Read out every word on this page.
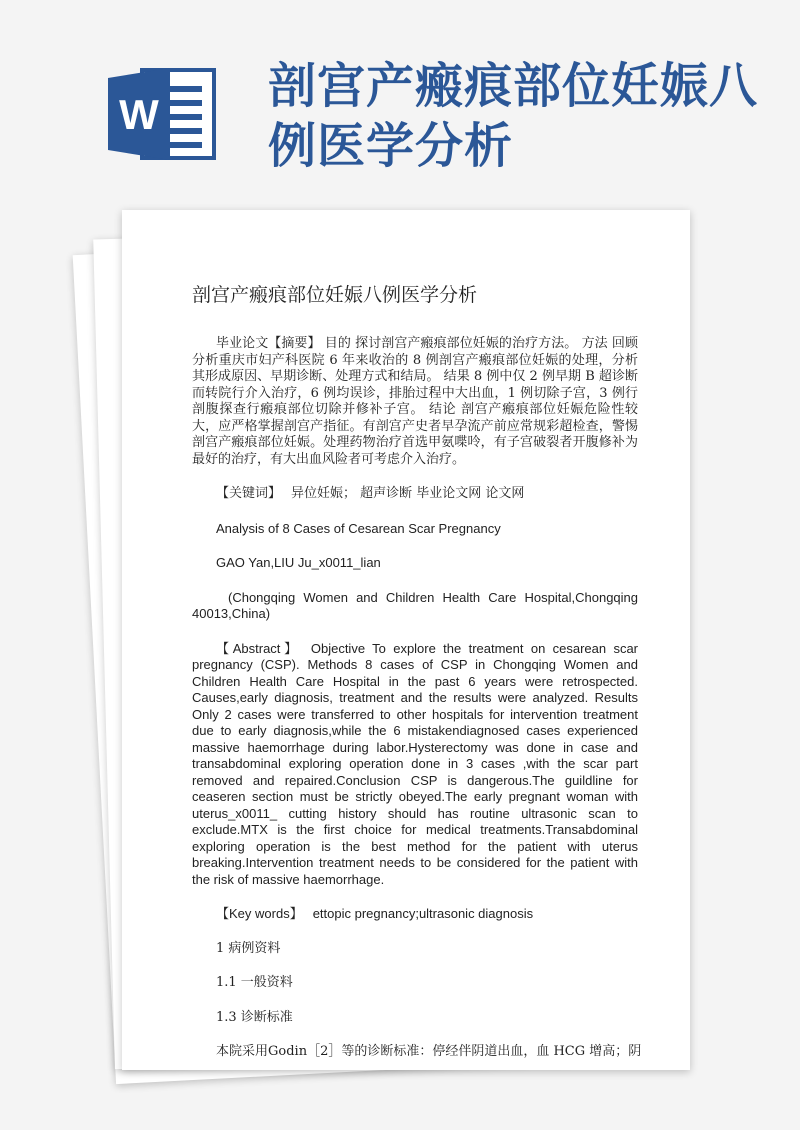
W
剖宫产瘢痕部位妊娠八例医学分析
剖宫产瘢痕部位妊娠八例医学分析

毕业论文【摘要】 目的 探讨剖宫产瘢痕部位妊娠的治疗方法。 方法 回顾分析重庆市妇产科医院 6 年来收治的 8 例剖宫产瘢痕部位妊娠的处理，分析其形成原因、早期诊断、处理方式和结局。 结果 8 例中仅 2 例早期 B 超诊断而转院行介入治疗，6 例均误诊，排胎过程中大出血，1 例切除子宫，3 例行剖腹探查行瘢痕部位切除并修补子宫。 结论 剖宫产瘢痕部位妊娠危险性较大，应严格掌握剖宫产指征。有剖宫产史者早孕流产前应常规彩超检查，警惕剖宫产瘢痕部位妊娠。处理药物治疗首选甲氨喋呤，有子宫破裂者开腹修补为最好的治疗，有大出血风险者可考虑介入治疗。

【关键词】 异位妊娠； 超声诊断 毕业论文网 论文网

Analysis of 8 Cases of Cesarean Scar Pregnancy

GAO Yan,LIU Ju_x0011_lian

(Chongqing Women and Children Health Care Hospital,Chongqing 40013,China)

【Abstract】 Objective To explore the treatment on cesarean scar pregnancy (CSP). Methods 8 cases of CSP in Chongqing Women and Children Health Care Hospital in the past 6 years were retrospected. Causes,early diagnosis, treatment and the results were analyzed. Results Only 2 cases were transferred to other hospitals for intervention treatment due to early diagnosis,while the 6 mistakendiagnosed cases experienced massive haemorrhage during labor.Hysterectomy was done in case and transabdominal exploring operation done in 3 cases ,with the scar part removed and repaired.Conclusion CSP is dangerous.The guildline for ceaseren section must be strictly obeyed.The early pregnant woman with uterus_x0011_ cutting history should has routine ultrasonic scan to exclude.MTX is the first choice for medical treatments.Transabdominal exploring operation is the best method for the patient with uterus breaking.Intervention treatment needs to be considered for the patient with the risk of massive haemorrhage.

【Key words】 ettopic pregnancy;ultrasonic diagnosis

1 病例资料

1.1 一般资料

1.3 诊断标准

本院采用Godin［2］等的诊断标准：停经伴阴道出血，血 HCG 增高；阴
